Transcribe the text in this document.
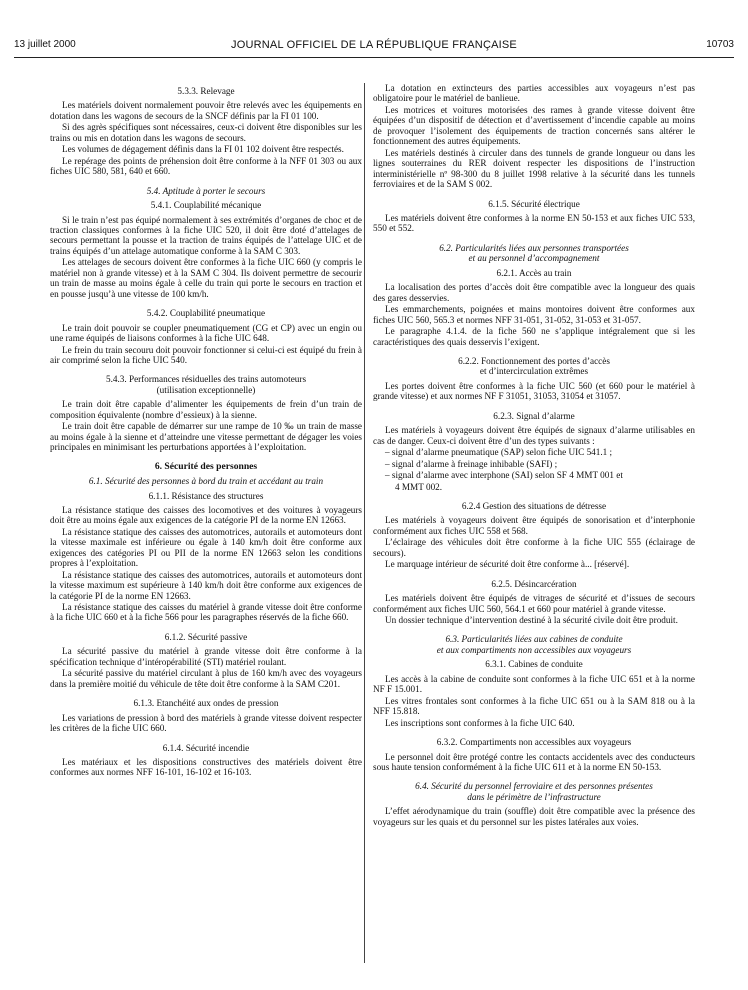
13 juillet 2000	JOURNAL OFFICIEL DE LA RÉPUBLIQUE FRANÇAISE	10703

5.3.3. Relevage

Les matériels doivent normalement pouvoir être relevés avec les équipements en dotation dans les wagons de secours de la SNCF définis par la FI 01 100.

Si des agrès spécifiques sont nécessaires, ceux-ci doivent être disponibles sur les trains ou mis en dotation dans les wagons de secours.

Les volumes de dégagement définis dans la FI 01 102 doivent être respectés.

Le repérage des points de préhension doit être conforme à la NFF 01 303 ou aux fiches UIC 580, 581, 640 et 660.

5.4. Aptitude à porter le secours

5.4.1. Couplabilité mécanique

Si le train n’est pas équipé normalement à ses extrémités d’organes de choc et de traction classiques conformes à la fiche UIC 520, il doit être doté d’attelages de secours permettant la pousse et la traction de trains équipés de l’attelage UIC et de trains équipés d’un attelage automatique conforme à la SAM C 303.

Les attelages de secours doivent être conformes à la fiche UIC 660 (y compris le matériel non à grande vitesse) et à la SAM C 304. Ils doivent permettre de secourir un train de masse au moins égale à celle du train qui porte le secours en traction et en pousse jusqu’à une vitesse de 100 km/h.

5.4.2. Couplabilité pneumatique

Le train doit pouvoir se coupler pneumatiquement (CG et CP) avec un engin ou une rame équipés de liaisons conformes à la fiche UIC 648.

Le frein du train secouru doit pouvoir fonctionner si celui-ci est équipé du frein à air comprimé selon la fiche UIC 540.

5.4.3. Performances résiduelles des trains automoteurs

(utilisation exceptionnelle)

Le train doit être capable d’alimenter les équipements de frein d’un train de composition équivalente (nombre d’essieux) à la sienne.

Le train doit être capable de démarrer sur une rampe de 10 ‰ un train de masse au moins égale à la sienne et d’atteindre une vitesse permettant de dégager les voies principales en minimisant les perturbations apportées à l’exploitation.

6. Sécurité des personnes

6.1. Sécurité des personnes à bord du train et accédant au train

6.1.1. Résistance des structures

La résistance statique des caisses des locomotives et des voitures à voyageurs doit être au moins égale aux exigences de la catégorie PI de la norme EN 12663.

La résistance statique des caisses des automotrices, autorails et automoteurs dont la vitesse maximale est inférieure ou égale à 140 km/h doit être conforme aux exigences des catégories PI ou PII de la norme EN 12663 selon les conditions propres à l’exploitation.

La résistance statique des caisses des automotrices, autorails et automoteurs dont la vitesse maximum est supérieure à 140 km/h doit être conforme aux exigences de la catégorie PI de la norme EN 12663.

La résistance statique des caisses du matériel à grande vitesse doit être conforme à la fiche UIC 660 et à la fiche 566 pour les paragraphes réservés de la fiche 660.

6.1.2. Sécurité passive

La sécurité passive du matériel à grande vitesse doit être conforme à la spécification technique d’intéropérabilité (STI) matériel roulant.

La sécurité passive du matériel circulant à plus de 160 km/h avec des voyageurs dans la première moitié du véhicule de tête doit être conforme à la SAM C201.

6.1.3. Etanchéité aux ondes de pression

Les variations de pression à bord des matériels à grande vitesse doivent respecter les critères de la fiche UIC 660.

6.1.4. Sécurité incendie

Les matériaux et les dispositions constructives des matériels doivent être conformes aux normes NFF 16-101, 16-102 et 16-103.

La dotation en extincteurs des parties accessibles aux voyageurs n’est pas obligatoire pour le matériel de banlieue.

Les motrices et voitures motorisées des rames à grande vitesse doivent être équipées d’un dispositif de détection et d’avertissement d’incendie capable au moins de provoquer l’isolement des équipements de traction concernés sans altérer le fonctionnement des autres équipements.

Les matériels destinés à circuler dans des tunnels de grande longueur ou dans les lignes souterraines du RER doivent respecter les dispositions de l’instruction interministérielle nº 98-300 du 8 juillet 1998 relative à la sécurité dans les tunnels ferroviaires et de la SAM S 002.

6.1.5. Sécurité électrique

Les matériels doivent être conformes à la norme EN 50-153 et aux fiches UIC 533, 550 et 552.

6.2. Particularités liées aux personnes transportées

et au personnel d’accompagnement

6.2.1. Accès au train

La localisation des portes d’accès doit être compatible avec la longueur des quais des gares desservies.

Les emmarchements, poignées et mains montoires doivent être conformes aux fiches UIC 560, 565.3 et normes NFF 31-051, 31-052, 31-053 et 31-057.

Le paragraphe 4.1.4. de la fiche 560 ne s’applique intégralement que si les caractéristiques des quais desservis l’exigent.

6.2.2. Fonctionnement des portes d’accès

et d’intercirculation extrêmes

Les portes doivent être conformes à la fiche UIC 560 (et 660 pour le matériel à grande vitesse) et aux normes NF F 31051, 31053, 31054 et 31057.

6.2.3. Signal d’alarme

Les matériels à voyageurs doivent être équipés de signaux d’alarme utilisables en cas de danger. Ceux-ci doivent être d’un des types suivants :

– signal d’alarme pneumatique (SAP) selon fiche UIC 541.1 ;

– signal d’alarme à freinage inhibable (SAFI) ;

– signal d’alarme avec interphone (SAI) selon SF 4 MMT 001 et

4 MMT 002.

6.2.4 Gestion des situations de détresse

Les matériels à voyageurs doivent être équipés de sonorisation et d’interphonie conformément aux fiches UIC 558 et 568.

L’éclairage des véhicules doit être conforme à la fiche UIC 555 (éclairage de secours).

Le marquage intérieur de sécurité doit être conforme à... [réservé].

6.2.5. Désincarcération

Les matériels doivent être équipés de vitrages de sécurité et d’issues de secours conformément aux fiches UIC 560, 564.1 et 660 pour matériel à grande vitesse.

Un dossier technique d’intervention destiné à la sécurité civile doit être produit.

6.3. Particularités liées aux cabines de conduite

et aux compartiments non accessibles aux voyageurs

6.3.1. Cabines de conduite

Les accès à la cabine de conduite sont conformes à la fiche UIC 651 et à la norme NF F 15.001.

Les vitres frontales sont conformes à la fiche UIC 651 ou à la SAM 818 ou à la NFF 15.818.

Les inscriptions sont conformes à la fiche UIC 640.

6.3.2. Compartiments non accessibles aux voyageurs

Le personnel doit être protégé contre les contacts accidentels avec des conducteurs sous haute tension conformément à la fiche UIC 611 et à la norme EN 50-153.

6.4. Sécurité du personnel ferroviaire et des personnes présentes

dans le périmètre de l’infrastructure

L’effet aérodynamique du train (souffle) doit être compatible avec la présence des voyageurs sur les quais et du personnel sur les pistes latérales aux voies.
